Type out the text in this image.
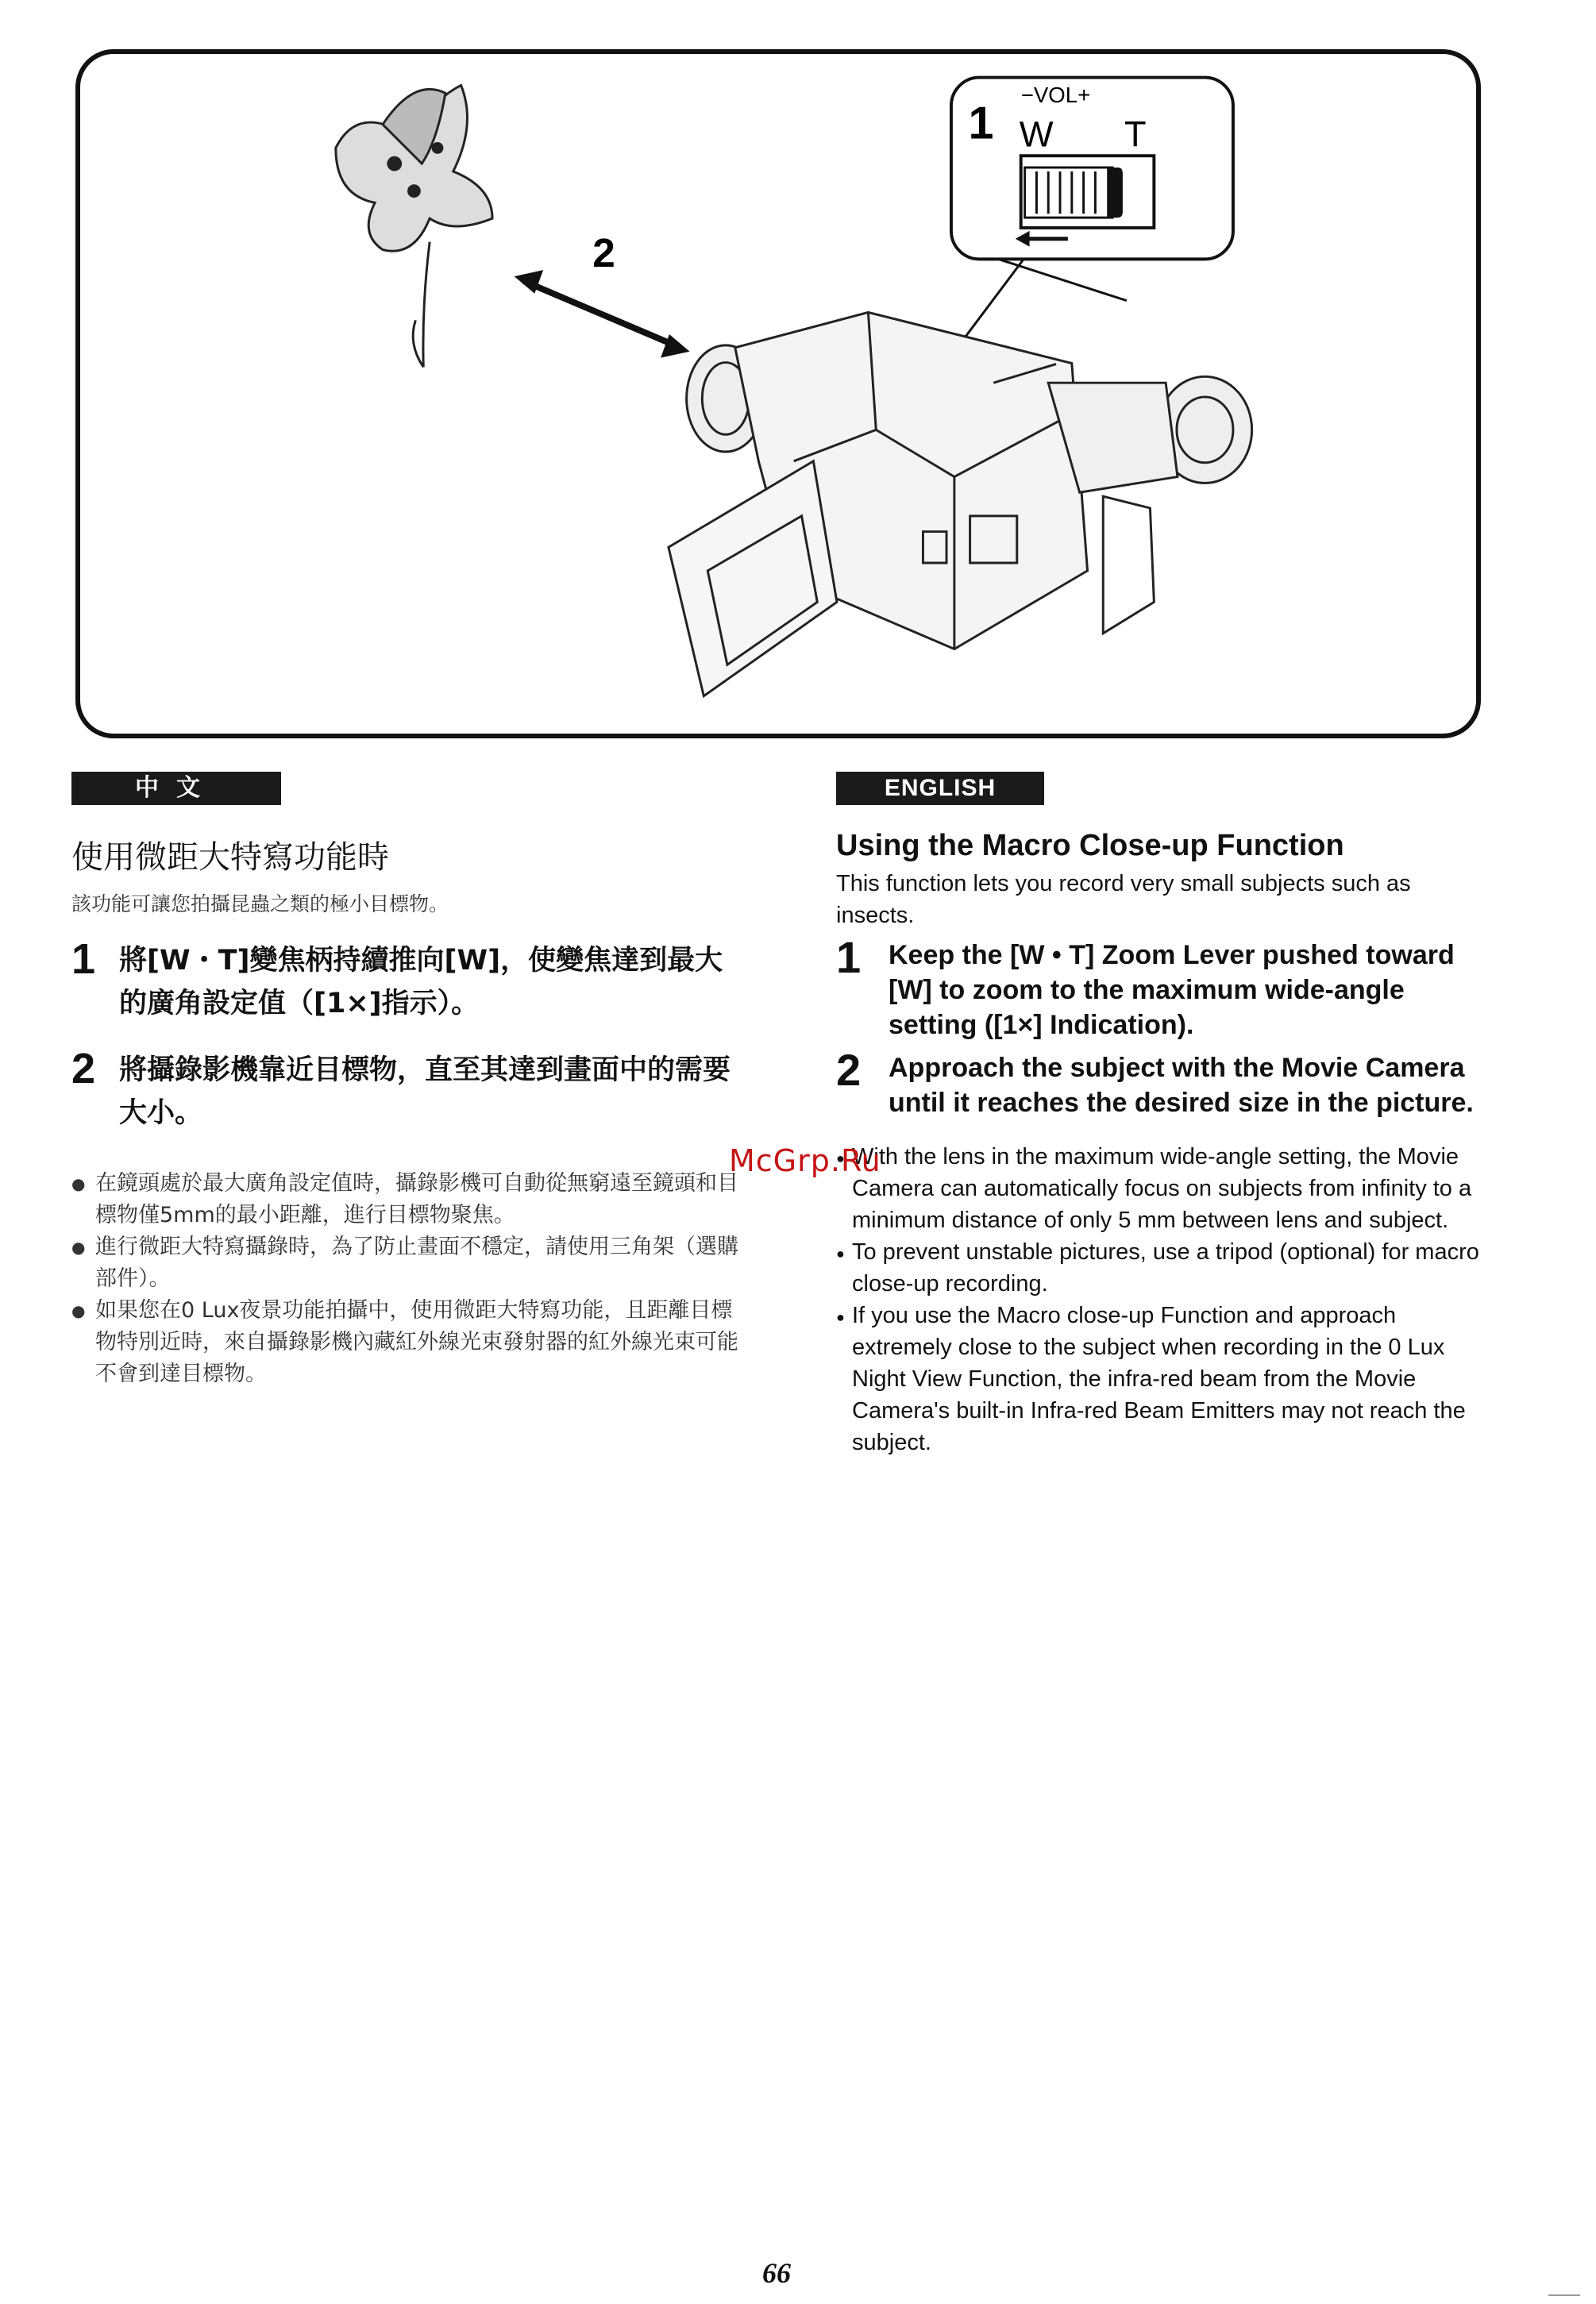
2
1
−VOL+
W T
中文
使用微距大特寫功能時

該功能可讓您拍攝昆蟲之類的極小目標物。

1 將[W・T]變焦柄持續推向[W]，使變焦達到最大的廣角設定值（[1×]指示）。
2 將攝錄影機靠近目標物，直至其達到畫面中的需要大小。
● 在鏡頭處於最大廣角設定值時，攝錄影機可自動從無窮遠至鏡頭和目標物僅5mm的最小距離，進行目標物聚焦。
● 進行微距大特寫攝錄時，為了防止畫面不穩定，請使用三角架（選購部件）。
● 如果您在0 Lux夜景功能拍攝中，使用微距大特寫功能，且距離目標物特別近時，來自攝錄影機內藏紅外線光束發射器的紅外線光束可能不會到達目標物。
ENGLISH
Using the Macro Close-up Function

This function lets you record very small subjects such as insects.

1 Keep the [W • T] Zoom Lever pushed toward [W] to zoom to the maximum wide-angle setting ([1×] Indication).
2 Approach the subject with the Movie Camera until it reaches the desired size in the picture.
● With the lens in the maximum wide-angle setting, the Movie Camera can automatically focus on subjects from infinity to a minimum distance of only 5 mm between lens and subject.
● To prevent unstable pictures, use a tripod (optional) for macro close-up recording.
● If you use the Macro close-up Function and approach extremely close to the subject when recording in the 0 Lux Night View Function, the infra-red beam from the Movie Camera's built-in Infra-red Beam Emitters may not reach the subject.
McGrp.Ru
66
